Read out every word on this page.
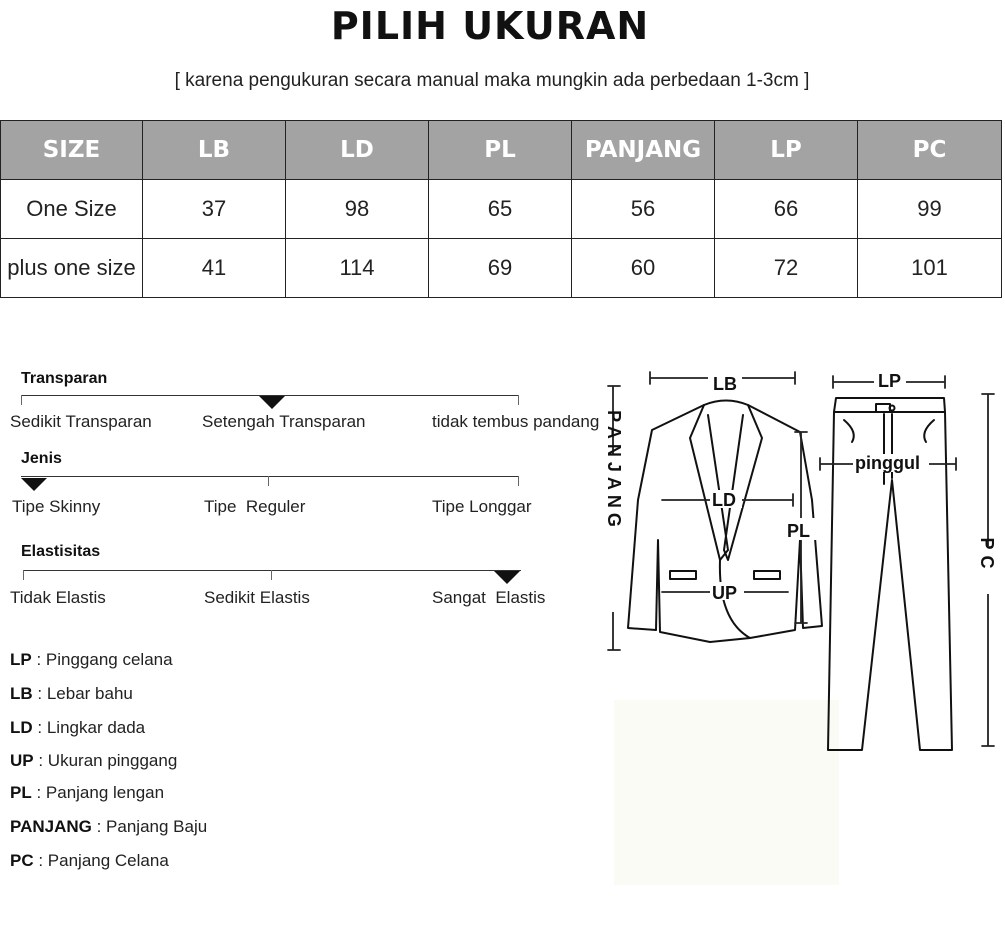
PILIH UKURAN
[ karena pengukuran secara manual maka mungkin ada perbedaan 1-3cm ]
SIZE	LB	LD	PL	PANJANG	LP	PC
One Size	37	98	65	56	66	99

plus one size	41	114	69	60	72	101
Transparan
Sedikit Transparan	Setengah Transparan	tidak tembus pandang
Jenis
Tipe Skinny	Tipe  Reguler	Tipe Longgar
Elastisitas
Tidak Elastis	Sedikit Elastis	Sangat  Elastis
LP : Pinggang celana
LB : Lebar bahu
LD : Lingkar dada
UP : Ukuran pinggang
PL : Panjang lengan
PANJANG : Panjang Baju
PC : Panjang Celana
LB	LP
pinggul
LD
PL
UP
PANJANG
PC
